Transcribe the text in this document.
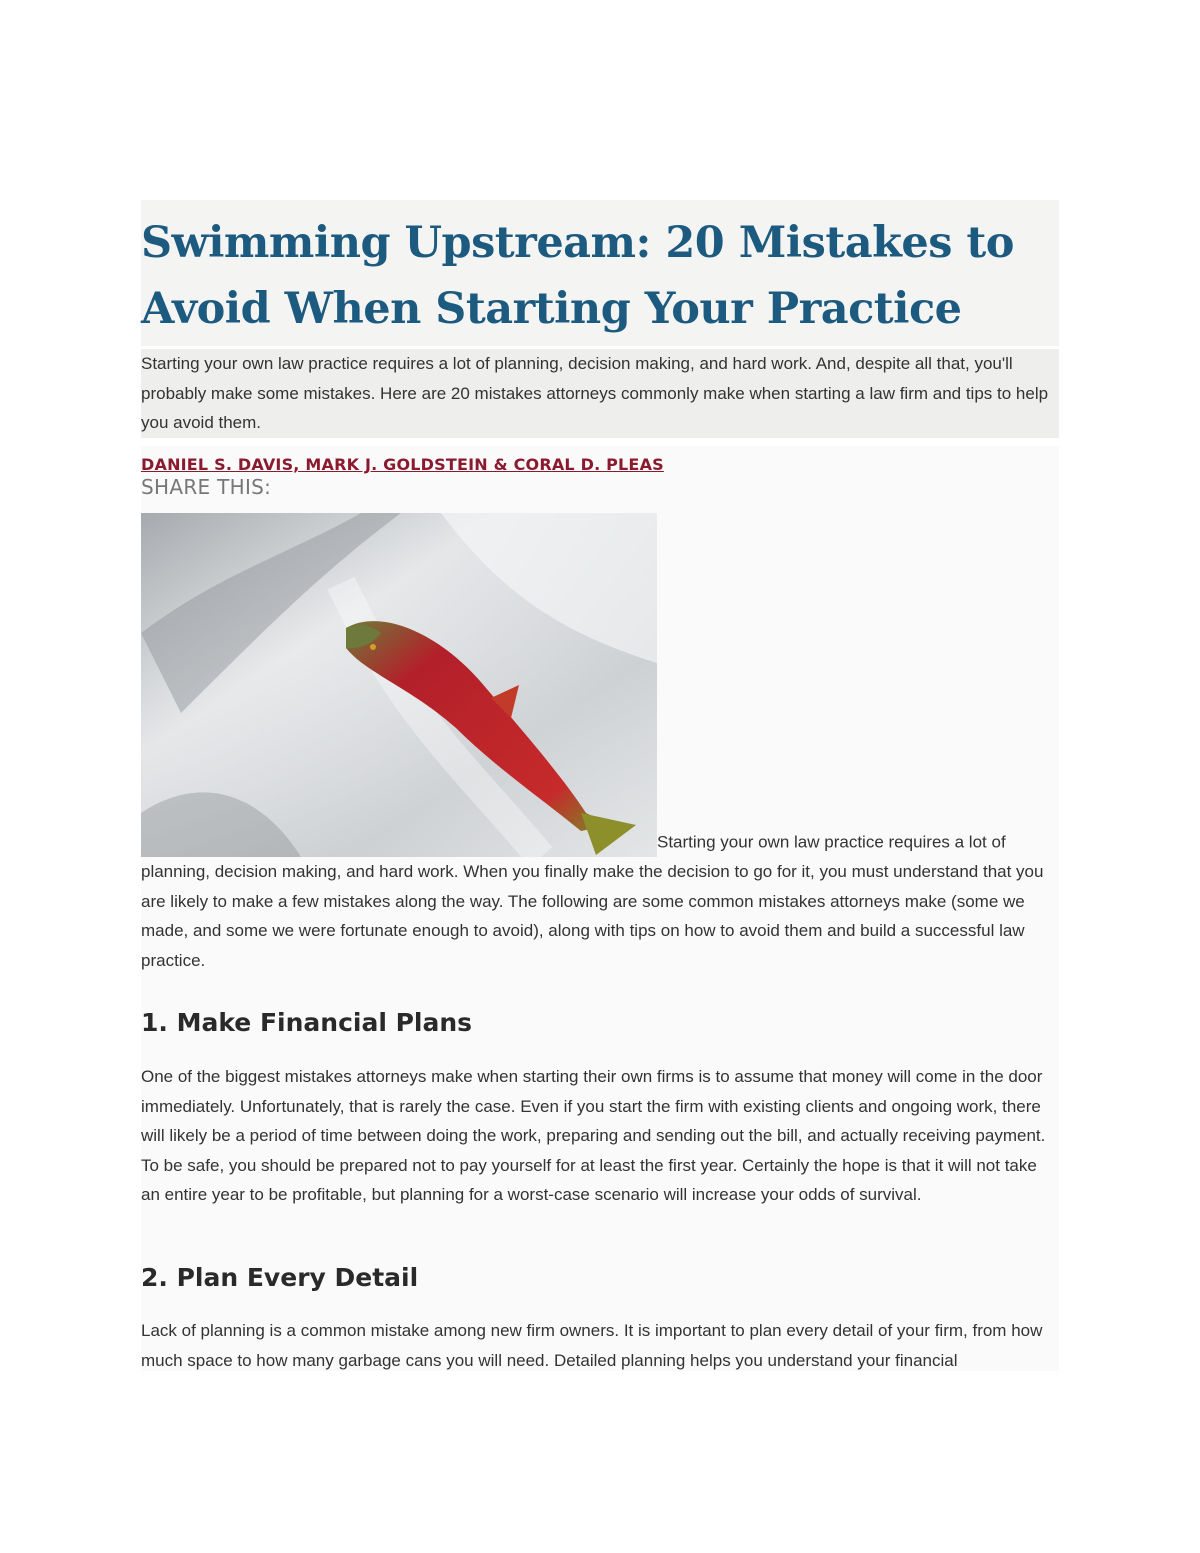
Swimming Upstream: 20 Mistakes to Avoid When Starting Your Practice

Starting your own law practice requires a lot of planning, decision making, and hard work. And, despite all that, you'll probably make some mistakes. Here are 20 mistakes attorneys commonly make when starting a law firm and tips to help you avoid them.

DANIEL S. DAVIS, MARK J. GOLDSTEIN & CORAL D. PLEAS

SHARE THIS:

Starting your own law practice requires a lot of planning, decision making, and hard work. When you finally make the decision to go for it, you must understand that you are likely to make a few mistakes along the way. The following are some common mistakes attorneys make (some we made, and some we were fortunate enough to avoid), along with tips on how to avoid them and build a successful law practice.

1. Make Financial Plans

One of the biggest mistakes attorneys make when starting their own firms is to assume that money will come in the door immediately. Unfortunately, that is rarely the case. Even if you start the firm with existing clients and ongoing work, there will likely be a period of time between doing the work, preparing and sending out the bill, and actually receiving payment. To be safe, you should be prepared not to pay yourself for at least the first year. Certainly the hope is that it will not take an entire year to be profitable, but planning for a worst-case scenario will increase your odds of survival.

2. Plan Every Detail

Lack of planning is a common mistake among new firm owners. It is important to plan every detail of your firm, from how much space to how many garbage cans you will need. Detailed planning helps you understand your financial
